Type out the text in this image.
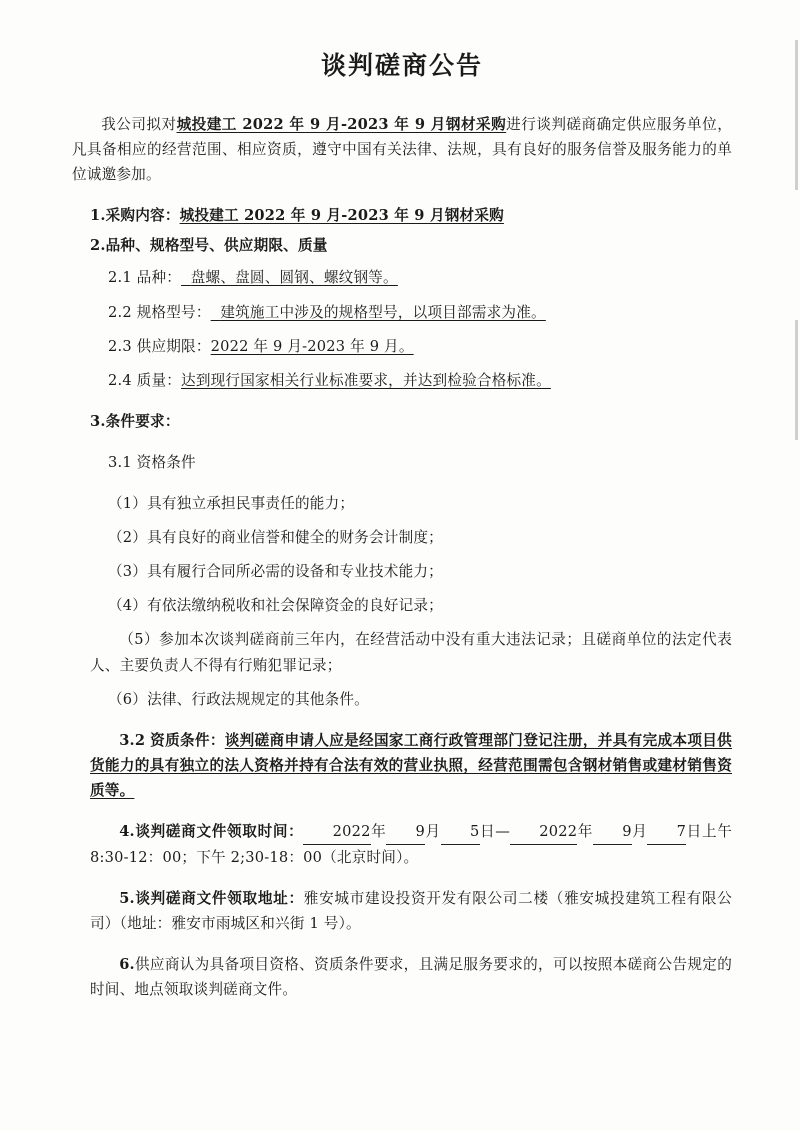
谈判磋商公告

我公司拟对城投建工 2022 年 9 月-2023 年 9 月钢材采购进行谈判磋商确定供应服务单位，凡具备相应的经营范围、相应资质，遵守中国有关法律、法规，具有良好的服务信誉及服务能力的单位诚邀参加。

1.采购内容：城投建工 2022 年 9 月-2023 年 9 月钢材采购

2.品种、规格型号、供应期限、质量

2.1 品种： 盘螺、盘圆、圆钢、螺纹钢等。

2.2 规格型号： 建筑施工中涉及的规格型号，以项目部需求为准。

2.3 供应期限：2022 年 9 月-2023 年 9 月。

2.4 质量：达到现行国家相关行业标准要求，并达到检验合格标准。

3.条件要求：

3.1 资格条件

（1）具有独立承担民事责任的能力；

（2）具有良好的商业信誉和健全的财务会计制度；

（3）具有履行合同所必需的设备和专业技术能力；

（4）有依法缴纳税收和社会保障资金的良好记录；

（5）参加本次谈判磋商前三年内，在经营活动中没有重大违法记录；且磋商单位的法定代表人、主要负责人不得有行贿犯罪记录；

（6）法律、行政法规规定的其他条件。

3.2 资质条件：谈判磋商申请人应是经国家工商行政管理部门登记注册，并具有完成本项目供货能力的具有独立的法人资格并持有合法有效的营业执照，经营范围需包含钢材销售或建材销售资质等。

4.谈判磋商文件领取时间： 2022年 9月 5日— 2022年 9月 7日上午 8:30-12：00；下午 2;30-18：00（北京时间）。

5.谈判磋商文件领取地址：雅安城市建设投资开发有限公司二楼（雅安城投建筑工程有限公司）（地址：雅安市雨城区和兴街 1 号）。

6.供应商认为具备项目资格、资质条件要求，且满足服务要求的，可以按照本磋商公告规定的时间、地点领取谈判磋商文件。
